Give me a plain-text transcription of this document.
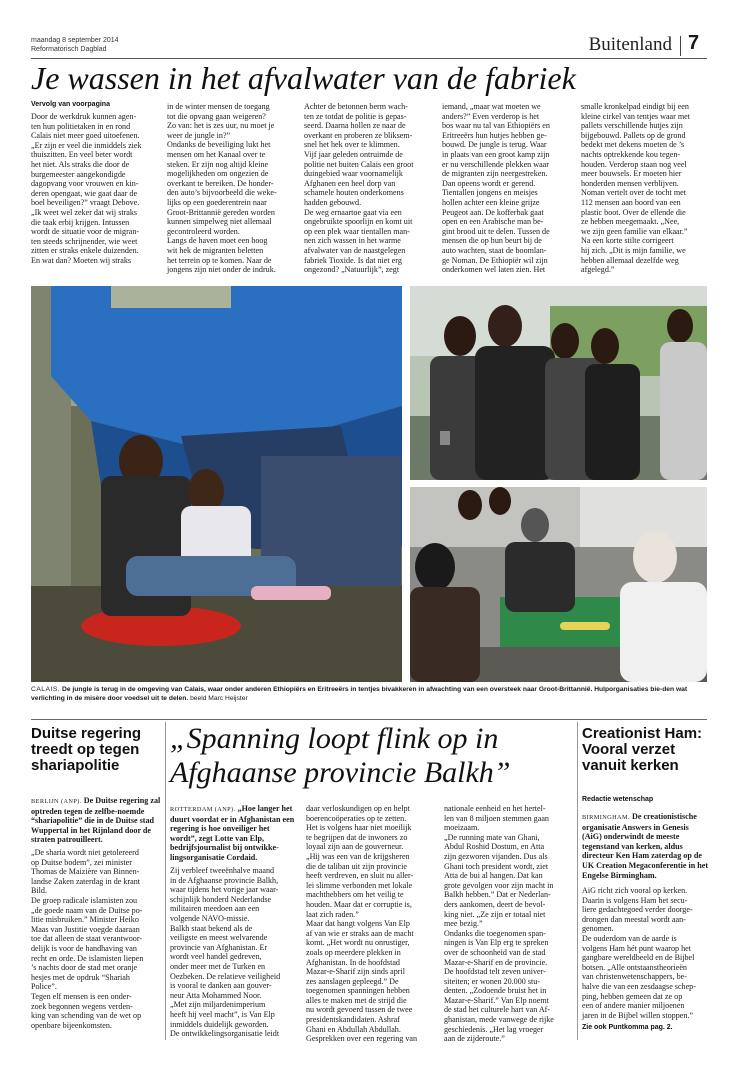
maandag 8 september 2014
Reformatorisch Dagblad	Buitenland 7
Je wassen in het afvalwater van de fabriek
Vervolg van voorpagina
Door de werkdruk kunnen agen-
ten hun politietaken in en rond
Calais niet meer goed uitoefenen.
„Er zijn er veel die inmiddels ziek
thuiszitten. En veel beter wordt
het niet. Als straks die door de
burgemeester aangekondigde
dagopvang voor vrouwen en kin-
deren opengaat, wie gaat daar de
boel beveiligen?” vraagt Debove.
„Ik weet wel zeker dat wij straks
die taak erbij krijgen. Intussen
wordt de situatie voor de migran-
ten steeds schrijnender, wie weet
zitten er straks enkele duizenden.
En wat dan? Moeten wij straks
in de winter mensen de toegang
tot die opvang gaan weigeren?
Zo van: het is zes uur, nu moet je
weer de jungle in?”
Ondanks de beveiliging lukt het
mensen om het Kanaal over te
steken. Er zijn nog altijd kleine
mogelijkheden om ongezien de
overkant te bereiken. De honder-
den auto’s bijvoorbeeld die weke-
lijks op een goederentrein naar
Groot-Brittannië gereden worden
kunnen simpelweg niet allemaal
gecontroleerd worden.
Langs de haven moet een hoog
wit hek de migranten beletten
het terrein op te komen. Naar de
jongens zijn niet onder de indruk.
Achter de betonnen berm wach-
ten ze totdat de politie is gepas-
seerd. Daarna hollen ze naar de
overkant en proberen ze bliksem-
snel het hek over te klimmen.
Vijf jaar geleden ontruimde de
politie net buiten Calais een groot
duingebied waar voornamelijk
Afghanen een heel dorp van
schamele houten onderkomens
hadden gebouwd.
De weg ernaartoe gaat via een
ongebruikte spoorlijn en komt uit
op een plek waar tientallen man-
nen zich wassen in het warme
afvalwater van de naastgelegen
fabriek Tioxide. Is dat niet erg
ongezond? „Natuurlijk”, zegt
iemand, „maar wat moeten we
anders?” Even verderop is het
bos waar nu tal van Ethiopiërs en
Eritreeërs hun hutjes hebben ge-
bouwd. De jungle is terug. Waar
in plaats van een groot kamp zijn
er nu verschillende plekken waar
de migranten zijn neergestreken.
Dan opeens wordt er gerend.
Tientallen jongens en meisjes
hollen achter een kleine grijze
Peugeot aan. De kofferbak gaat
open en een Arabische man be-
gint brood uit te delen. Tussen de
mensen die op hun beurt bij de
auto wachten, staat de boomlan-
ge Noman. De Ethiopiër wil zijn
onderkomen wel laten zien. Het
smalle kronkelpad eindigt bij een
kleine cirkel van tentjes waar met
pallets verschillende hutjes zijn
bijgebouwd. Pallets op de grond
bedekt met dekens moeten de ’s
nachts optrekkende kou tegen-
houden. Verderop staan nog veel
meer bouwsels. Er moeten hier
honderden mensen verblijven.
Noman vertelt over de tocht met
112 mensen aan boord van een
plastic boot. Over de ellende die
ze hebben meegemaakt. „Nee,
we zijn geen familie van elkaar.”
Na een korte stilte corrigeert
hij zich. „Dit is mijn familie, we
hebben allemaal dezelfde weg
afgelegd.”
CALAIS. De jungle is terug in de omgeving van Calais, waar onder anderen Ethiopiërs en Eritreeërs in tentjes bivakkeren in afwachting van een oversteek naar Groot-Brittannië. Hulporganisaties bie-den wat verlichting in de misère door voedsel uit te delen. beeld Marc Heijster
Duitse regering treedt op tegen shariapolitie
BERLIJN (ANP). De Duitse regering zal optreden tegen de zelfbe-noemde “shariapolitie” die in de Duitse stad Wuppertal in het Rijnland door de straten patrouilleert.
„De sharia wordt niet getolereerd
op Duitse bodem”, zei minister
Thomas de Maizière van Binnen-
landse Zaken zaterdag in de krant
Bild.
De groep radicale islamisten zou
„de goede naam van de Duitse po-
litie misbruiken.” Minister Heiko
Maas van Justitie voegde daaraan
toe dat alleen de staat verantwoor-
delijk is voor de handhaving van
recht en orde. De islamisten liepen
’s nachts door de stad met oranje
hesjes met de opdruk “Shariah
Police”.
Tegen elf mensen is een onder-
zoek begonnen wegens verden-
king van schending van de wet op
openbare bijeenkomsten.
„Spanning loopt flink op in Afghaanse provincie Balkh”
ROTTERDAM (ANP). „Hoe langer het duurt voordat er in Afghanistan een regering is hoe onveiliger het wordt”, zegt Lotte van Elp, bedrijfsjournalist bij ontwikke-lingsorganisatie Cordaid.
Zij verbleef tweeënhalve maand
in de Afghaanse provincie Balkh,
waar tijdens het vorige jaar waar-
schijnlijk honderd Nederlandse
militairen meedoen aan een
volgende NAVO-missie.
Balkh staat bekend als de
veiligste en meest welvarende
provincie van Afghanistan. Er
wordt veel handel gedreven,
onder meer met de Turken en
Oezbeken. De relatieve veiligheid
is vooral te danken aan gouver-
neur Atta Mohammed Noor.
„Met zijn miljardenimperium
heeft hij veel macht”, is Van Elp
inmiddels duidelijk geworden.
De ontwikkelingsorganisatie leidt
daar verloskundigen op en helpt
boerencoöperaties op te zetten.
Het is volgens haar niet moeilijk
te begrijpen dat de inwoners zo
loyaal zijn aan de gouverneur.
„Hij was een van de krijgsheren
die de taliban uit zijn provincie
heeft verdreven, en sluit nu aller-
lei slimme verbonden met lokale
machthebbers om het veilig te
houden. Maar dat er corruptie is,
laat zich raden.”
Maar dat hangt volgens Van Elp
af van wie er straks aan de macht
komt. „Het wordt nu onrustiger,
zoals op meerdere plekken in
Afghanistan. In de hoofdstad
Mazar-e-Sharif zijn sinds april
zes aanslagen gepleegd.” De
toegenomen spanningen hebben
alles te maken met de strijd die
nu wordt gevoerd tussen de twee
presidentskandidaten. Ashraf
Ghani en Abdullah Abdullah.
Gesprekken over een regering van
nationale eenheid en het hertel-
len van 8 miljoen stemmen gaan
moeizaam.
„De running mate van Ghani,
Abdul Roshid Dostum, en Atta
zijn gezworen vijanden. Dus als
Ghani toch president wordt, ziet
Atta de bui al hangen. Dat kan
grote gevolgen voor zijn macht in
Balkh hebben.” Dat er Nederlan-
ders aankomen, deert de bevol-
king niet. „Ze zijn er totaal niet
mee bezig.”
Ondanks die toegenomen span-
ningen is Van Elp erg te spreken
over de schoonheid van de stad
Mazar-e-Sharif en de provincie.
De hoofdstad telt zeven univer-
siteiten; er wonen 20.000 stu-
denten. „Zodoende bruist het in
Mazar-e-Sharif.” Van Elp noemt
de stad het culturele hart van Af-
ghanistan, mede vanwege de rijke
geschiedenis. „Het lag vroeger
aan de zijderoute.”
Creationist Ham: Vooral verzet vanuit kerken
Redactie wetenschap
BIRMINGHAM. De creationistische organisatie Answers in Genesis (AiG) onderwindt de meeste tegenstand van kerken, aldus directeur Ken Ham zaterdag op de UK Creation Megaconferentie in het Engelse Birmingham.
AiG richt zich vooral op kerken.
Daarin is volgens Ham het secu-
liere gedachtegoed verder doorge-
drongen dan meestal wordt aan-
genomen.
De ouderdom van de aarde is
volgens Ham hét punt waarop het
gangbare wereldbeeld en de Bijbel
botsen. „Alle ontstaanstheorieën
van christenwetenschappers, be-
halve die van een zesdaagse schep-
ping, hebben gemeen dat ze op
een of andere manier miljoenen
jaren in de Bijbel willen stoppen.”
Zie ook Puntkomma pag. 2.
